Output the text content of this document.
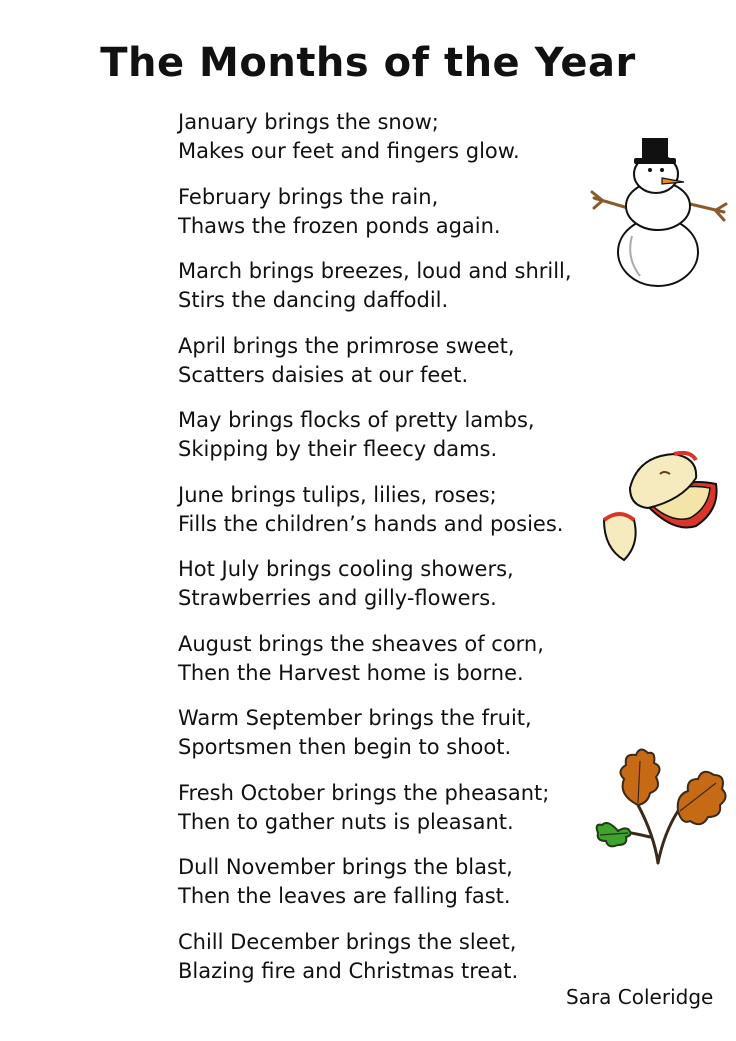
The Months of the Year
January brings the snow;
Makes our feet and fingers glow.
February brings the rain,
Thaws the frozen ponds again.
March brings breezes, loud and shrill,
Stirs the dancing daffodil.
April brings the primrose sweet,
Scatters daisies at our feet.
May brings flocks of pretty lambs,
Skipping by their fleecy dams.
June brings tulips, lilies, roses;
Fills the children’s hands and posies.
Hot July brings cooling showers,
Strawberries and gilly-flowers.
August brings the sheaves of corn,
Then the Harvest home is borne.
Warm September brings the fruit,
Sportsmen then begin to shoot.
Fresh October brings the pheasant;
Then to gather nuts is pleasant.
Dull November brings the blast,
Then the leaves are falling fast.
Chill December brings the sleet,
Blazing fire and Christmas treat.
Sara Coleridge
